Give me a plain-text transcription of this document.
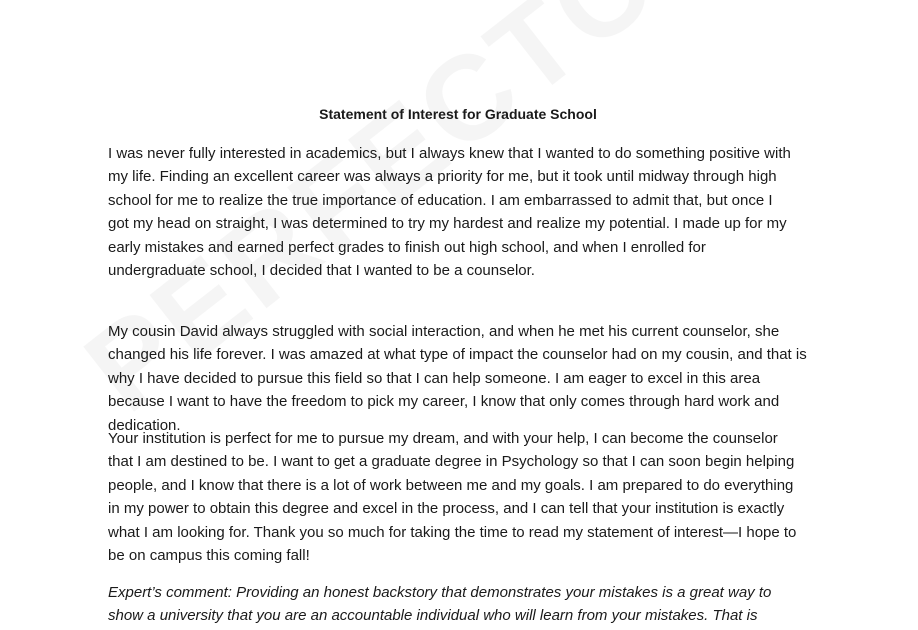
Statement of Interest for Graduate School

I was never fully interested in academics, but I always knew that I wanted to do something positive with
my life. Finding an excellent career was always a priority for me, but it took until midway through high
school for me to realize the true importance of education. I am embarrassed to admit that, but once I
got my head on straight, I was determined to try my hardest and realize my potential. I made up for my
early mistakes and earned perfect grades to finish out high school, and when I enrolled for
undergraduate school, I decided that I wanted to be a counselor.

My cousin David always struggled with social interaction, and when he met his current counselor, she
changed his life forever. I was amazed at what type of impact the counselor had on my cousin, and that is
why I have decided to pursue this field so that I can help someone. I am eager to excel in this area
because I want to have the freedom to pick my career, I know that only comes through hard work and
dedication.

Your institution is perfect for me to pursue my dream, and with your help, I can become the counselor
that I am destined to be. I want to get a graduate degree in Psychology so that I can soon begin helping
people, and I know that there is a lot of work between me and my goals. I am prepared to do everything
in my power to obtain this degree and excel in the process, and I can tell that your institution is exactly
what I am looking for. Thank you so much for taking the time to read my statement of interest—I hope to
be on campus this coming fall!

Expert’s comment: Providing an honest backstory that demonstrates your mistakes is a great way to
show a university that you are an accountable individual who will learn from your mistakes. That is
